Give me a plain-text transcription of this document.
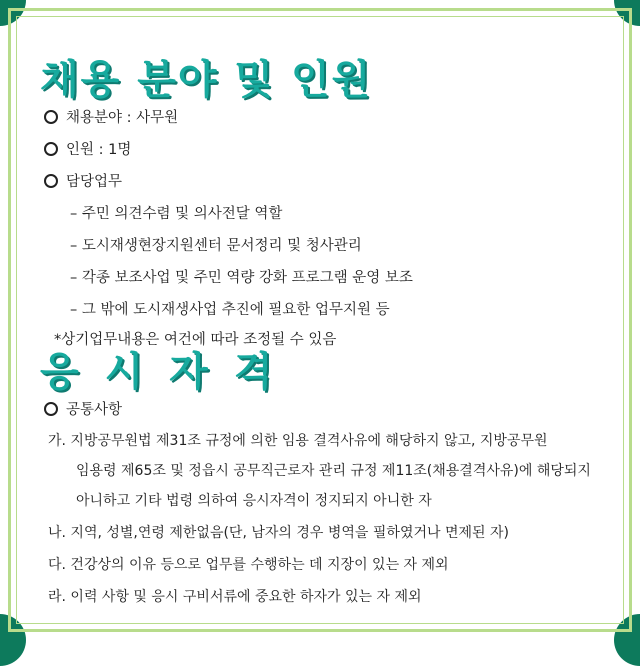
채용 분야 및 인원
채용분야 : 사무원
인원 : 1명
담당업무
– 주민 의견수렴 및 의사전달 역할
– 도시재생현장지원센터 문서정리 및 청사관리
– 각종 보조사업 및 주민 역량 강화 프로그램 운영 보조
– 그 밖에 도시재생사업 추진에 필요한 업무지원 등
*상기업무내용은 여건에 따라 조정될 수 있음
응 시 자 격
공통사항
가. 지방공무원법 제31조 규정에 의한 임용 결격사유에 해당하지 않고, 지방공무원
임용령 제65조 및 정읍시 공무직근로자 관리 규정 제11조(채용결격사유)에 해당되지
아니하고 기타 법령 의하여 응시자격이 정지되지 아니한 자
나. 지역, 성별,연령 제한없음(단, 남자의 경우 병역을 필하였거나 면제된 자)
다. 건강상의 이유 등으로 업무를 수행하는 데 지장이 있는 자 제외
라. 이력 사항 및 응시 구비서류에 중요한 하자가 있는 자 제외
